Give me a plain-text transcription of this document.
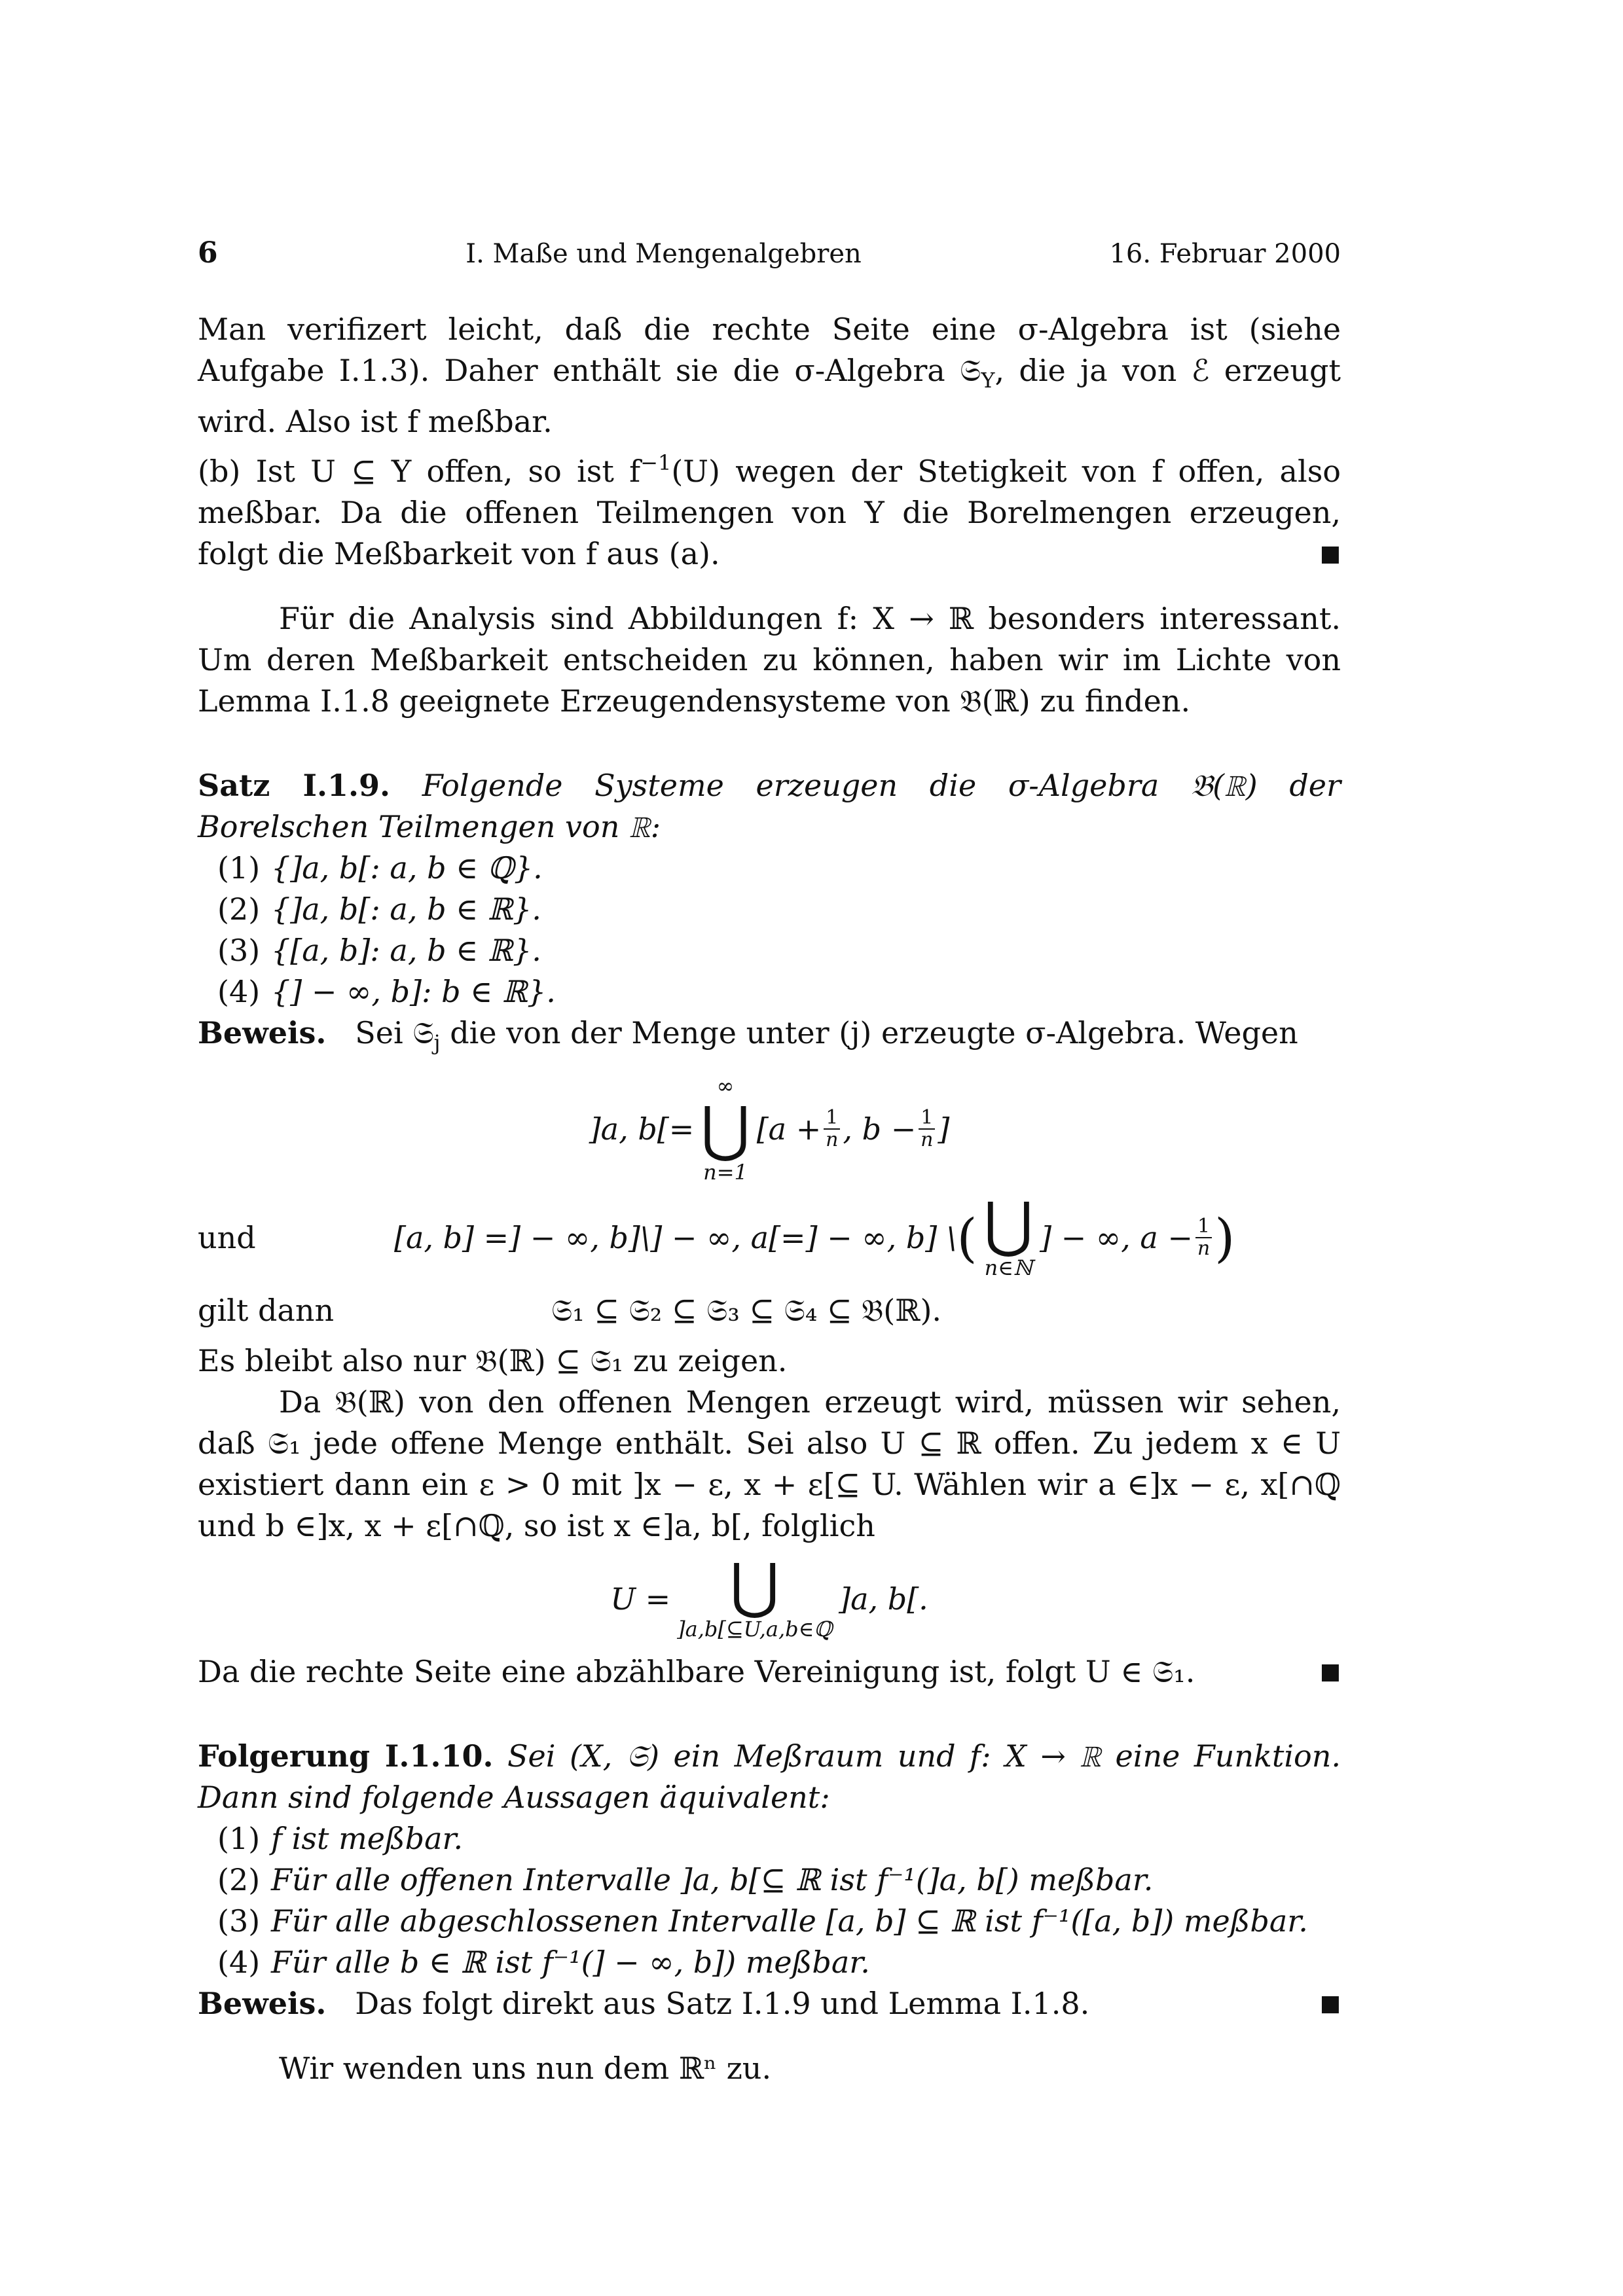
6	I. Maße und Mengenalgebren	16. Februar 2000

Man verifizert leicht, daß die rechte Seite eine σ-Algebra ist (siehe Aufgabe I.1.3). Daher enthält sie die σ-Algebra 𝔖$_Y$, die ja von ℰ erzeugt wird. Also ist f meßbar.

(b) Ist U ⊆ Y offen, so ist $f^{-1}(U)$ wegen der Stetigkeit von f offen, also meßbar. Da die offenen Teilmengen von Y die Borelmengen erzeugen, folgt die Meßbarkeit von f aus (a).	■

Für die Analysis sind Abbildungen f: X → ℝ besonders interessant. Um deren Meßbarkeit entscheiden zu können, haben wir im Lichte von Lemma I.1.8 geeignete Erzeugendensysteme von 𝔅(ℝ) zu finden.

Satz I.1.9. Folgende Systeme erzeugen die σ-Algebra 𝔅(ℝ) der Borelschen Teilmengen von ℝ:

(1) {]a, b[: a, b ∈ ℚ}.
(2) {]a, b[: a, b ∈ ℝ}.
(3) {[a, b]: a, b ∈ ℝ}.
(4) {] − ∞, b]: b ∈ ℝ}.

Beweis. Sei 𝔖$_j$ die von der Menge unter (j) erzeugte σ-Algebra. Wegen

]a, b[=
∞
⋃
n=1
[$a + \frac{1}{n}$ , $b - \frac{1}{n}$ ]
und	[a, b] =] − ∞, b]\] − ∞, a[=] − ∞, b] \ ( ⋃
n∈ℕ
] − ∞, $a - \frac{1}{n}$ )
gilt dann	𝔖₁ ⊆ 𝔖₂ ⊆ 𝔖₃ ⊆ 𝔖₄ ⊆ 𝔅(ℝ).

Es bleibt also nur 𝔅(ℝ) ⊆ 𝔖₁ zu zeigen.

Da 𝔅(ℝ) von den offenen Mengen erzeugt wird, müssen wir sehen, daß 𝔖₁ jede offene Menge enthält. Sei also U ⊆ ℝ offen. Zu jedem x ∈ U existiert dann ein ε > 0 mit ]x − ε, x + ε[⊆ U. Wählen wir a ∈]x − ε, x[∩ℚ und b ∈]x, x + ε[∩ℚ, so ist x ∈]a, b[, folglich

U = ⋃
]a,b[⊆U,a,b∈ℚ
]a, b[.

Da die rechte Seite eine abzählbare Vereinigung ist, folgt U ∈ 𝔖₁.	■

Folgerung I.1.10. Sei (X, 𝔖) ein Meßraum und f: X → ℝ eine Funktion. Dann sind folgende Aussagen äquivalent:

(1) f ist meßbar.
(2) Für alle offenen Intervalle ]a, b[⊆ ℝ ist f⁻¹(]a, b[) meßbar.
(3) Für alle abgeschlossenen Intervalle [a, b] ⊆ ℝ ist f⁻¹([a, b]) meßbar.
(4) Für alle b ∈ ℝ ist f⁻¹(] − ∞, b]) meßbar.

Beweis. Das folgt direkt aus Satz I.1.9 und Lemma I.1.8.	■

Wir wenden uns nun dem ℝⁿ zu.
